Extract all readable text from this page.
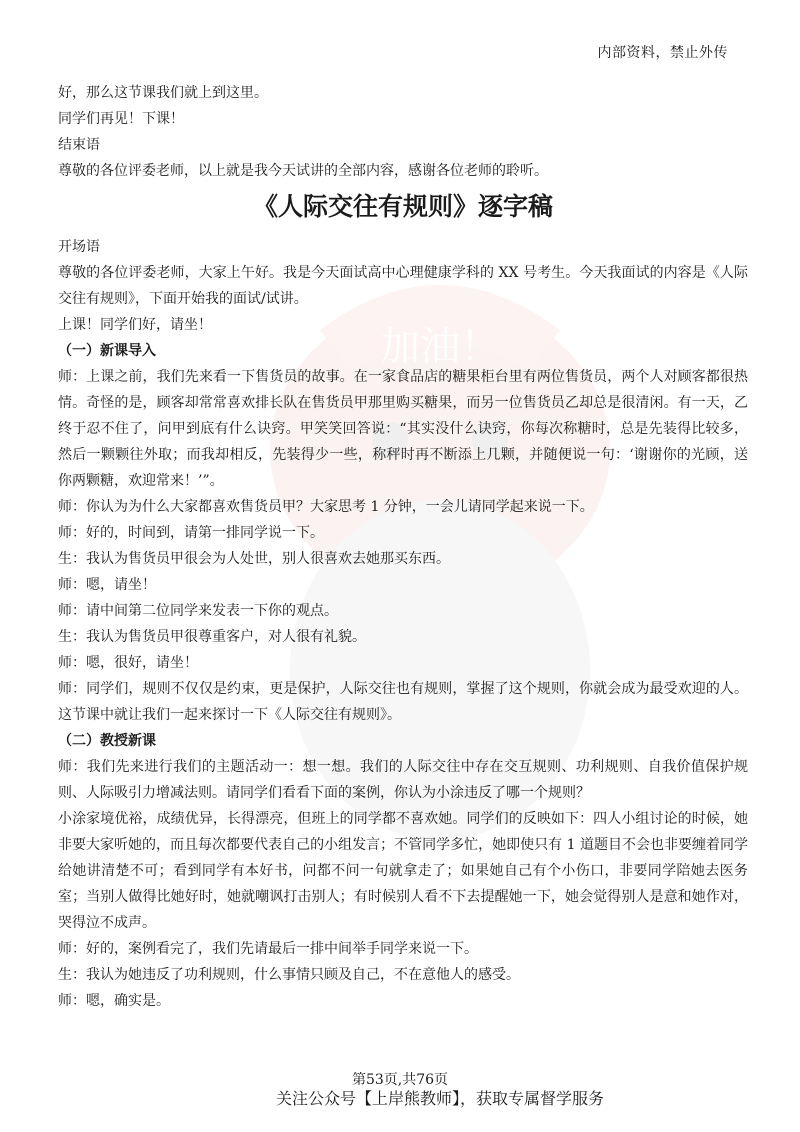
加油！
内部资料，禁止外传

好，那么这节课我们就上到这里。

同学们再见！下课！

结束语

尊敬的各位评委老师，以上就是我今天试讲的全部内容，感谢各位老师的聆听。

《人际交往有规则》逐字稿

开场语

尊敬的各位评委老师，大家上午好。我是今天面试高中心理健康学科的 XX 号考生。今天我面试的内容是《人际交往有规则》，下面开始我的面试/试讲。

上课！同学们好，请坐！

（一）新课导入

师：上课之前，我们先来看一下售货员的故事。在一家食品店的糖果柜台里有两位售货员，两个人对顾客都很热情。奇怪的是，顾客却常常喜欢排长队在售货员甲那里购买糖果，而另一位售货员乙却总是很清闲。有一天，乙终于忍不住了，问甲到底有什么诀窍。甲笑笑回答说：“其实没什么诀窍，你每次称糖时，总是先装得比较多，然后一颗颗往外取；而我却相反，先装得少一些，称秤时再不断添上几颗，并随便说一句：‘谢谢你的光顾，送你两颗糖，欢迎常来！’”。

师：你认为为什么大家都喜欢售货员甲？大家思考 1 分钟，一会儿请同学起来说一下。

师：好的，时间到，请第一排同学说一下。

生：我认为售货员甲很会为人处世，别人很喜欢去她那买东西。

师：嗯，请坐！

师：请中间第二位同学来发表一下你的观点。

生：我认为售货员甲很尊重客户，对人很有礼貌。

师：嗯，很好，请坐！

师：同学们，规则不仅仅是约束，更是保护，人际交往也有规则，掌握了这个规则，你就会成为最受欢迎的人。这节课中就让我们一起来探讨一下《人际交往有规则》。

（二）教授新课

师：我们先来进行我们的主题活动一：想一想。我们的人际交往中存在交互规则、功利规则、自我价值保护规则、人际吸引力增减法则。请同学们看看下面的案例，你认为小涂违反了哪一个规则？

小涂家境优裕，成绩优异，长得漂亮，但班上的同学都不喜欢她。同学们的反映如下：四人小组讨论的时候，她非要大家听她的，而且每次都要代表自己的小组发言；不管同学多忙，她即使只有 1 道题目不会也非要缠着同学给她讲清楚不可；看到同学有本好书，问都不问一句就拿走了；如果她自己有个小伤口，非要同学陪她去医务室；当别人做得比她好时，她就嘲讽打击别人；有时候别人看不下去提醒她一下，她会觉得别人是意和她作对，哭得泣不成声。

师：好的，案例看完了，我们先请最后一排中间举手同学来说一下。

生：我认为她违反了功利规则，什么事情只顾及自己，不在意他人的感受。

师：嗯，确实是。

第53页,共76页
关注公众号【上岸熊教师】，获取专属督学服务
